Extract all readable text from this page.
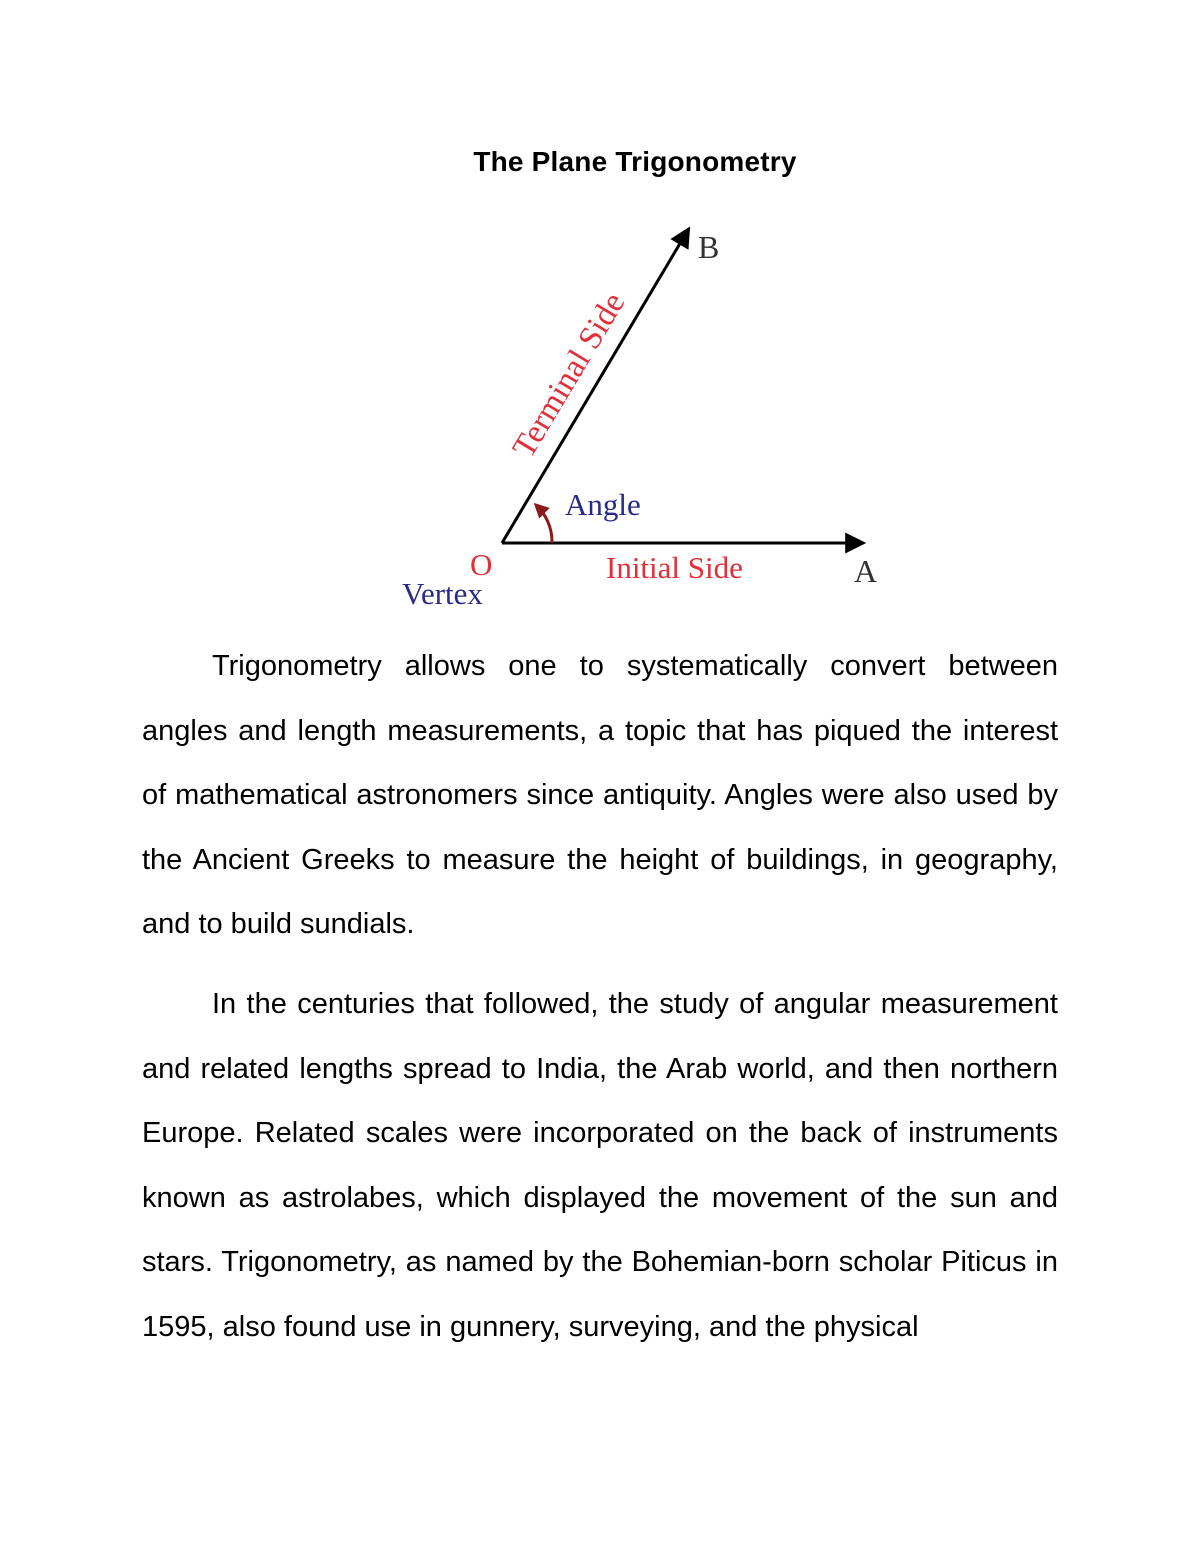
The Plane Trigonometry
B
Terminal Side
Angle
O	Initial Side	A
Vertex

Trigonometry allows one to systematically convert between angles and length measurements, a topic that has piqued the interest of mathematical astronomers since antiquity. Angles were also used by the Ancient Greeks to measure the height of buildings, in geography, and to build sundials.

In the centuries that followed, the study of angular measurement and related lengths spread to India, the Arab world, and then northern Europe. Related scales were incorporated on the back of instruments known as astrolabes, which displayed the movement of the sun and stars. Trigonometry, as named by the Bohemian-born scholar Piticus in 1595, also found use in gunnery, surveying, and the physical
